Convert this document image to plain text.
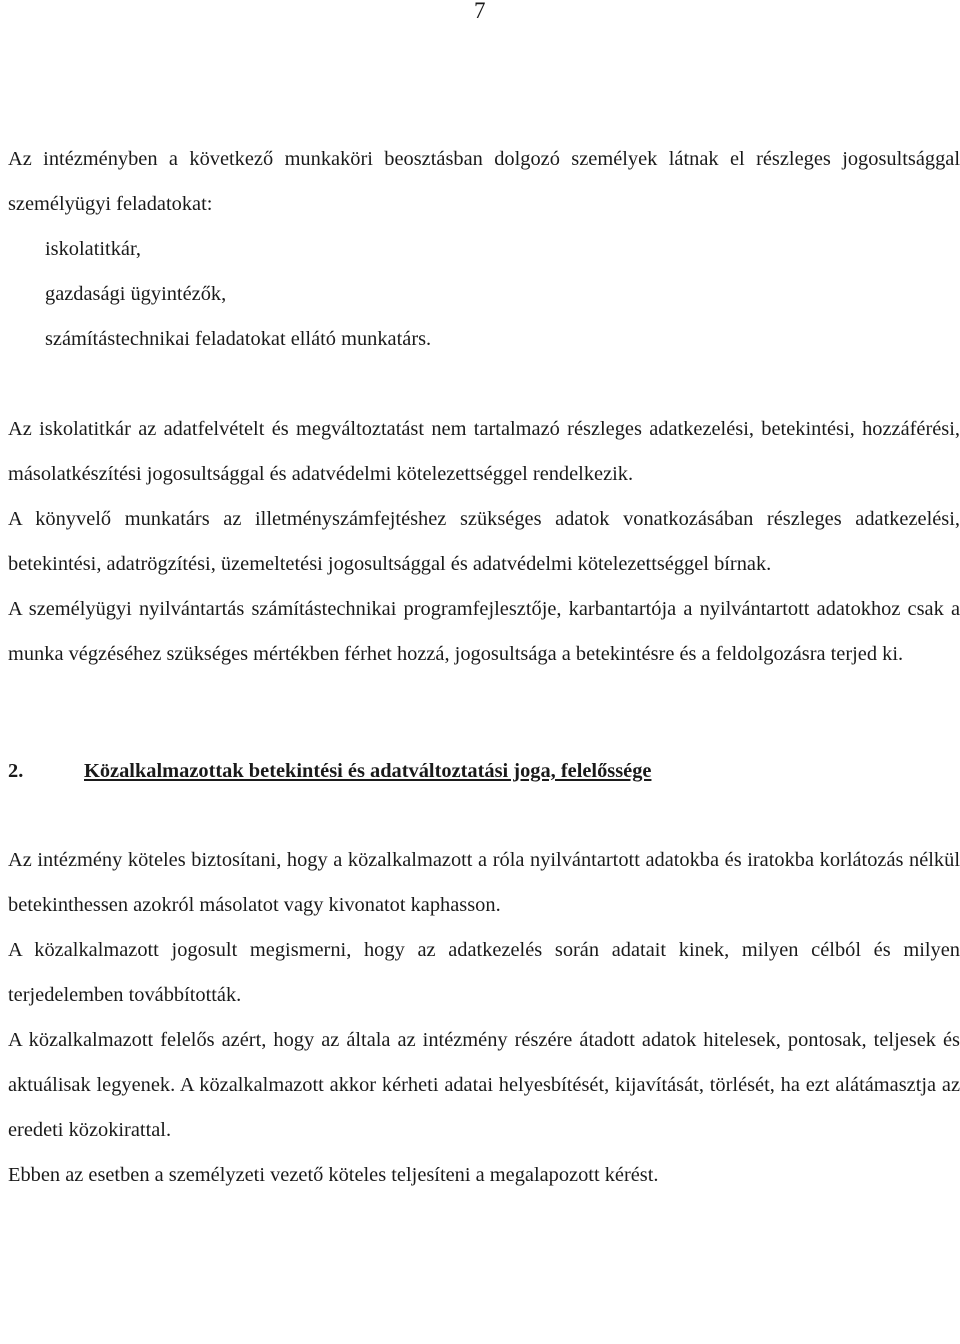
7

Az intézményben a következő munkaköri beosztásban dolgozó személyek látnak el részleges jogosultsággal személyügyi feladatokat:

iskolatitkár,
gazdasági ügyintézők,
számítástechnikai feladatokat ellátó munkatárs.

Az iskolatitkár az adatfelvételt és megváltoztatást nem tartalmazó részleges adatkezelési, betekintési, hozzáférési, másolatkészítési jogosultsággal és adatvédelmi kötelezettséggel rendelkezik.

A könyvelő munkatárs az illetményszámfejtéshez szükséges adatok vonatkozásában részleges adatkezelési, betekintési, adatrögzítési, üzemeltetési jogosultsággal és adatvédelmi kötelezettséggel bírnak.

A személyügyi nyilvántartás számítástechnikai programfejlesztője, karbantartója a nyilvántartott adatokhoz csak a munka végzéséhez szükséges mértékben férhet hozzá, jogosultsága a betekintésre és a feldolgozásra terjed ki.

2.	Közalkalmazottak betekintési és adatváltoztatási joga, felelőssége

Az intézmény köteles biztosítani, hogy a közalkalmazott a róla nyilvántartott adatokba és iratokba korlátozás nélkül betekinthessen azokról másolatot vagy kivonatot kaphasson.

A közalkalmazott jogosult megismerni, hogy az adatkezelés során adatait kinek, milyen célból és milyen terjedelemben továbbították.

A közalkalmazott felelős azért, hogy az általa az intézmény részére átadott adatok hitelesek, pontosak, teljesek és aktuálisak legyenek. A közalkalmazott akkor kérheti adatai helyesbítését, kijavítását, törlését, ha ezt alátámasztja az eredeti közokirattal.

Ebben az esetben a személyzeti vezető köteles teljesíteni a megalapozott kérést.
